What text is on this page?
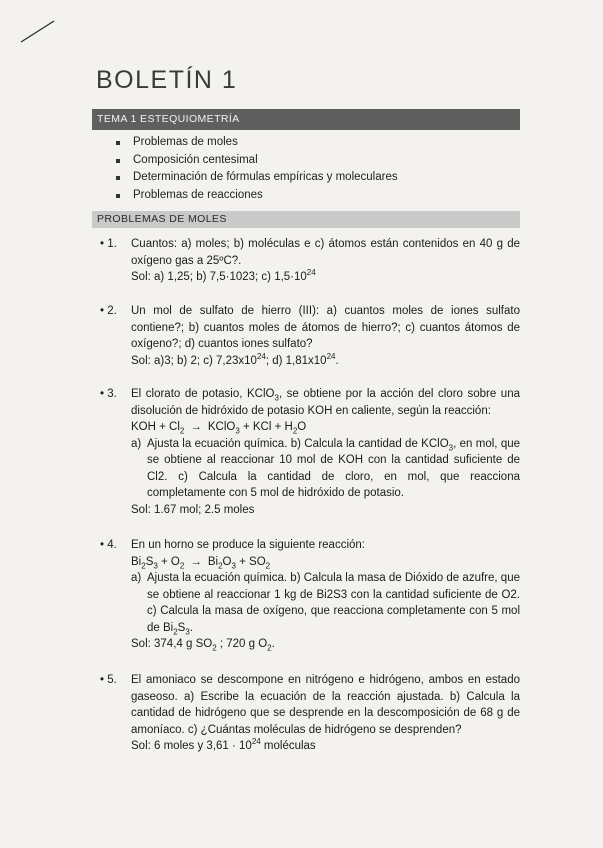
BOLETÍN 1
TEMA 1 ESTEQUIOMETRÍA
Problemas de moles
Composición centesimal
Determinación de fórmulas empíricas y moleculares
Problemas de reacciones
PROBLEMAS DE MOLES
• 1.	Cuantos: a) moles; b) moléculas e c) átomos están contenidos en 40 g de oxígeno gas a 25ºC?.

Sol: a) 1,25; b) 7,5·1023; c) $1,5\cdot 10^{24}$
• 2.	Un mol de sulfato de hierro (III): a) cuantos moles de iones sulfato contiene?; b) cuantos moles de átomos de hierro?; c) cuantos átomos de oxígeno?; d) cuantos iones sulfato?

Sol: a)3; b) 2; c) $7,23x10^{24}$; d) $1,81x10^{24}$.
• 3.	El clorato de potasio, KClO$_3$, se obtiene por la acción del cloro sobre una disolución de hidróxido de potasio KOH en caliente, según la reacción:

KOH + $Cl_2$ → KClO$_3$ + KCl + $H_2O$
a) Ajusta la ecuación química. b) Calcula la cantidad de KClO$_3$, en mol, que se obtiene al reaccionar 10 mol de KOH con la cantidad suficiente de Cl2. c) Calcula la cantidad de cloro, en mol, que reacciona completamente con 5 mol de hidróxido de potasio.
Sol: 1.67 mol; 2.5 moles
• 4.	En un horno se produce la siguiente reacción:

$Bi_2S_3 + O_2 \to Bi_2O_3 + SO_2$
a) Ajusta la ecuación química. b) Calcula la masa de Dióxido de azufre, que se obtiene al reaccionar 1 kg de Bi2S3 con la cantidad suficiente de O2. c) Calcula la masa de oxígeno, que reacciona completamente con 5 mol de $Bi_2S_3$.
Sol: 374,4 g $SO_2$ ; 720 g $O_2$.
• 5.	El amoniaco se descompone en nitrógeno e hidrógeno, ambos en estado gaseoso. a) Escribe la ecuación de la reacción ajustada. b) Calcula la cantidad de hidrógeno que se desprende en la descomposición de 68 g de amoníaco. c) ¿Cuántas moléculas de hidrógeno se desprenden?

Sol: 6 moles y $3,61 \cdot 10^{24}$ moléculas
